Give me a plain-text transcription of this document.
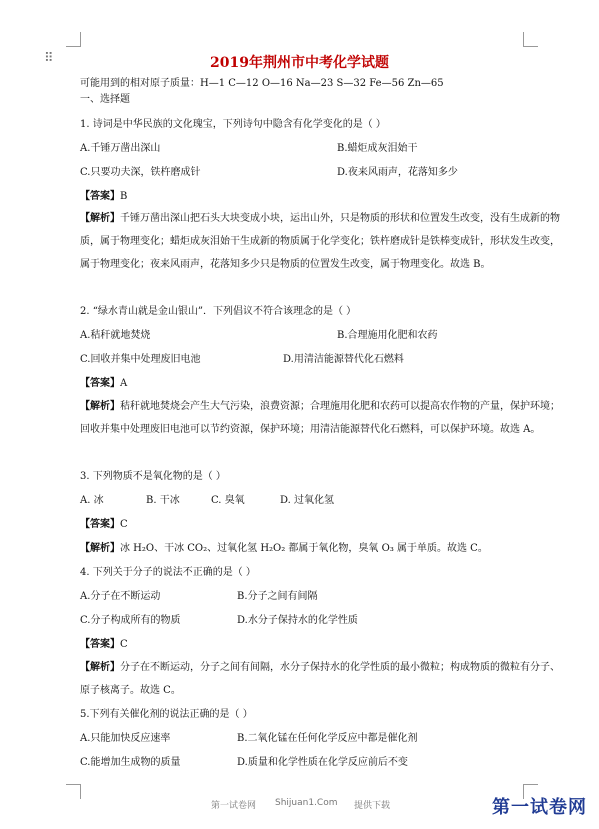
⠿	2019年荆州市中考化学试题
可能用到的相对原子质量：H—1 C—12 O—16 Na—23 S—32 Fe—56 Zn—65
一、选择题
1. 诗词是中华民族的文化瑰宝，下列诗句中隐含有化学变化的是（ ）
A.千锤万凿出深山	B.蜡炬成灰泪始干
C.只要功夫深，铁杵磨成针	D.夜来风雨声，花落知多少
【答案】B
【解析】千锤万凿出深山把石头大块变成小块，运出山外，只是物质的形状和位置发生改变，没有生成新的物质，属于物理变化；蜡炬成灰泪始干生成新的物质属于化学变化；铁杵磨成针是铁棒变成针，形状发生改变，属于物理变化；夜来风雨声，花落知多少只是物质的位置发生改变，属于物理变化。故选 B。
2. “绿水青山就是金山银山”．下列倡议不符合该理念的是（ ）
A.秸秆就地焚烧	B.合理施用化肥和农药
C.回收并集中处理废旧电池	D.用清洁能源替代化石燃料
【答案】A
【解析】秸秆就地焚烧会产生大气污染，浪费资源；合理施用化肥和农药可以提高农作物的产量，保护环境；回收并集中处理废旧电池可以节约资源，保护环境；用清洁能源替代化石燃料，可以保护环境。故选 A。
3. 下列物质不是氧化物的是（ ）
A. 冰	B. 干冰	C. 臭氧	D. 过氧化氢
【答案】C
【解析】冰 H₂O、干冰 CO₂、过氧化氢 H₂O₂ 都属于氧化物，臭氧 O₃ 属于单质。故选 C。
4. 下列关于分子的说法不正确的是（ ）
A.分子在不断运动	B.分子之间有间隔
C.分子构成所有的物质	D.水分子保持水的化学性质
【答案】C
【解析】分子在不断运动，分子之间有间隔，水分子保持水的化学性质的最小微粒；构成物质的微粒有分子、原子核离子。故选 C。
5.下列有关催化剂的说法正确的是（ ）
A.只能加快反应速率	B.二氧化锰在任何化学反应中都是催化剂
C.能增加生成物的质量	D.质量和化学性质在化学反应前后不变
第一试卷网 Shijuan1.Com 提供下载	第一试卷网
